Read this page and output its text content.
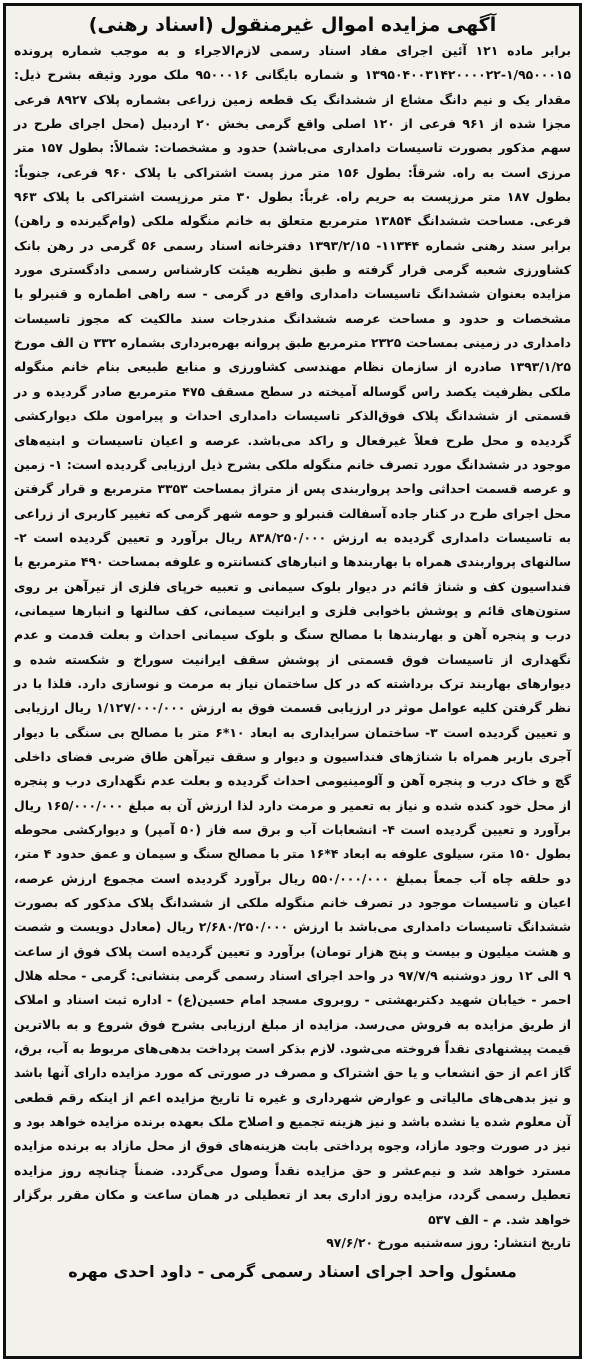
آگهی مزایده اموال غیرمنقول (اسناد رهنی)

برابر ماده ۱۲۱ آئین اجرای مفاد اسناد رسمی لازم‌الاجراء و به موجب شماره پرونده ۱/۹۵۰۰۰۱۵-۱۳۹۵۰۴۰۰۳۱۴۲۰۰۰۰۲۲ و شماره بایگانی ۹۵۰۰۰۱۶ ملک مورد وثیقه بشرح ذیل: مقدار یک و نیم دانگ مشاع از ششدانگ یک قطعه زمین زراعی بشماره پلاک ۸۹۲۷ فرعی مجزا شده از ۹۶۱ فرعی از ۱۲۰ اصلی واقع گرمی بخش ۲۰ اردبیل (محل اجرای طرح در سهم مذکور بصورت تاسیسات دامداری می‌باشد) حدود و مشخصات: شمالاً: بطول ۱۵۷ متر مرزی است به راه. شرقاً: بطول ۱۵۶ متر مرز پست اشتراکی با پلاک ۹۶۰ فرعی، جنوباً: بطول ۱۸۷ متر مرزپست به حریم راه. غرباً: بطول ۳۰ متر مرزپست اشتراکی با پلاک ۹۶۳ فرعی. مساحت ششدانگ ۱۳۸۵۴ مترمربع متعلق به خانم منگوله ملکی (وام‌گیرنده و راهن) برابر سند رهنی شماره ۱۱۳۴۴- ۱۳۹۳/۲/۱۵ دفترخانه اسناد رسمی ۵۶ گرمی در رهن بانک کشاورزی شعبه گرمی قرار گرفته و طبق نظریه هیئت کارشناس رسمی دادگستری مورد مزایده بعنوان ششدانگ تاسیسات دامداری واقع در گرمی - سه راهی اطماره و قنبرلو با مشخصات و حدود و مساحت عرصه ششدانگ مندرجات سند مالکیت که مجوز تاسیسات دامداری در زمینی بمساحت ۲۳۲۵ مترمربع طبق پروانه بهره‌برداری بشماره ۳۳۲ ن الف مورخ ۱۳۹۳/۱/۲۵ صادره از سازمان نظام مهندسی کشاورزی و منابع طبیعی بنام خانم منگوله ملکی بظرفیت یکصد راس گوساله آمیخته در سطح مسقف ۴۷۵ مترمربع صادر گردیده و در قسمتی از ششدانگ پلاک فوق‌الذکر تاسیسات دامداری احداث و پیرامون ملک دیوارکشی گردیده و محل طرح فعلاً غیرفعال و راکد می‌باشد. عرصه و اعیان تاسیسات و ابنیه‌های موجود در ششدانگ مورد تصرف خانم منگوله ملکی بشرح ذیل ارزیابی گردیده است: ۱- زمین و عرصه قسمت احداثی واحد پرواربندی پس از متراژ بمساحت ۳۳۵۳ مترمربع و قرار گرفتن محل اجرای طرح در کنار جاده آسفالت قنبرلو و حومه شهر گرمی که تغییر کاربری از زراعی به تاسیسات دامداری گردیده به ارزش ۸۳۸/۲۵۰/۰۰۰ ریال برآورد و تعیین گردیده است ۲- سالنهای پرواربندی همراه با بهاربندها و انبارهای کنسانتره و علوفه بمساحت ۴۹۰ مترمربع با فنداسیون کف و شناژ قائم در دیوار بلوک سیمانی و تعبیه خرپای فلزی از تیرآهن بر روی ستون‌های قائم و پوشش باخوابی فلزی و ایرانیت سیمانی، کف سالنها و انبارها سیمانی، درب و پنجره آهن و بهاربندها با مصالح سنگ و بلوک سیمانی احداث و بعلت قدمت و عدم نگهداری از تاسیسات فوق قسمتی از پوشش سقف ایرانیت سوراخ و شکسته شده و دیوارهای بهاربند ترک برداشته که در کل ساختمان نیاز به مرمت و نوسازی دارد. فلذا با در نظر گرفتن کلیه عوامل موثر در ارزیابی قسمت فوق به ارزش ۱/۱۲۷/۰۰۰/۰۰۰ ریال ارزیابی و تعیین گردیده است ۳- ساختمان سرایداری به ابعاد ۱۰*۶ متر با مصالح بی سنگی با دیوار آجری باربر همراه با شناژهای فنداسیون و دیوار و سقف تیرآهن طاق ضربی فضای داخلی گچ و خاک درب و پنجره آهن و آلومینیومی احداث گردیده و بعلت عدم نگهداری درب و پنجره از محل خود کنده شده و نیاز به تعمیر و مرمت دارد لذا ارزش آن به مبلغ ۱۶۵/۰۰۰/۰۰۰ ریال برآورد و تعیین گردیده است ۴- انشعابات آب و برق سه فاز (۵۰ آمپر) و دیوارکشی محوطه بطول ۱۵۰ متر، سیلوی علوفه به ابعاد ۴*۱۶ متر با مصالح سنگ و سیمان و عمق حدود ۴ متر، دو حلقه چاه آب جمعاً بمبلغ ۵۵۰/۰۰۰/۰۰۰ ریال برآورد گردیده است مجموع ارزش عرصه، اعیان و تاسیسات موجود در تصرف خانم منگوله ملکی از ششدانگ پلاک مذکور که بصورت ششدانگ تاسیسات دامداری می‌باشد با ارزش ۲/۶۸۰/۲۵۰/۰۰۰ ریال (معادل دویست و شصت و هشت میلیون و بیست و پنج هزار تومان) برآورد و تعیین گردیده است پلاک فوق از ساعت ۹ الی ۱۲ روز دوشنبه ۹۷/۷/۹ در واحد اجرای اسناد رسمی گرمی بنشانی: گرمی - محله هلال احمر - خیابان شهید دکتربهشتی - روبروی مسجد امام حسین(ع) - اداره ثبت اسناد و املاک از طریق مزایده به فروش می‌رسد. مزایده از مبلغ ارزیابی بشرح فوق شروع و به بالاترین قیمت پیشنهادی نقداً فروخته می‌شود. لازم بذکر است پرداخت بدهی‌های مربوط به آب، برق، گاز اعم از حق انشعاب و یا حق اشتراک و مصرف در صورتی که مورد مزایده دارای آنها باشد و نیز بدهی‌های مالیاتی و عوارض شهرداری و غیره تا تاریخ مزایده اعم از اینکه رقم قطعی آن معلوم شده یا نشده باشد و نیز هزینه تجمیع و اصلاح ملک بعهده برنده مزایده خواهد بود و نیز در صورت وجود مازاد، وجوه پرداختی بابت هزینه‌های فوق از محل مازاد به برنده مزایده مسترد خواهد شد و نیم‌عشر و حق مزایده نقداً وصول می‌گردد. ضمناً چنانچه روز مزایده تعطیل رسمی گردد، مزایده روز اداری بعد از تعطیلی در همان ساعت و مکان مقرر برگزار خواهد شد. م - الف ۵۳۷

تاریخ انتشار: روز سه‌شنبه مورخ ۹۷/۶/۲۰
مسئول واحد اجرای اسناد رسمی گرمی - داود احدی مهره
